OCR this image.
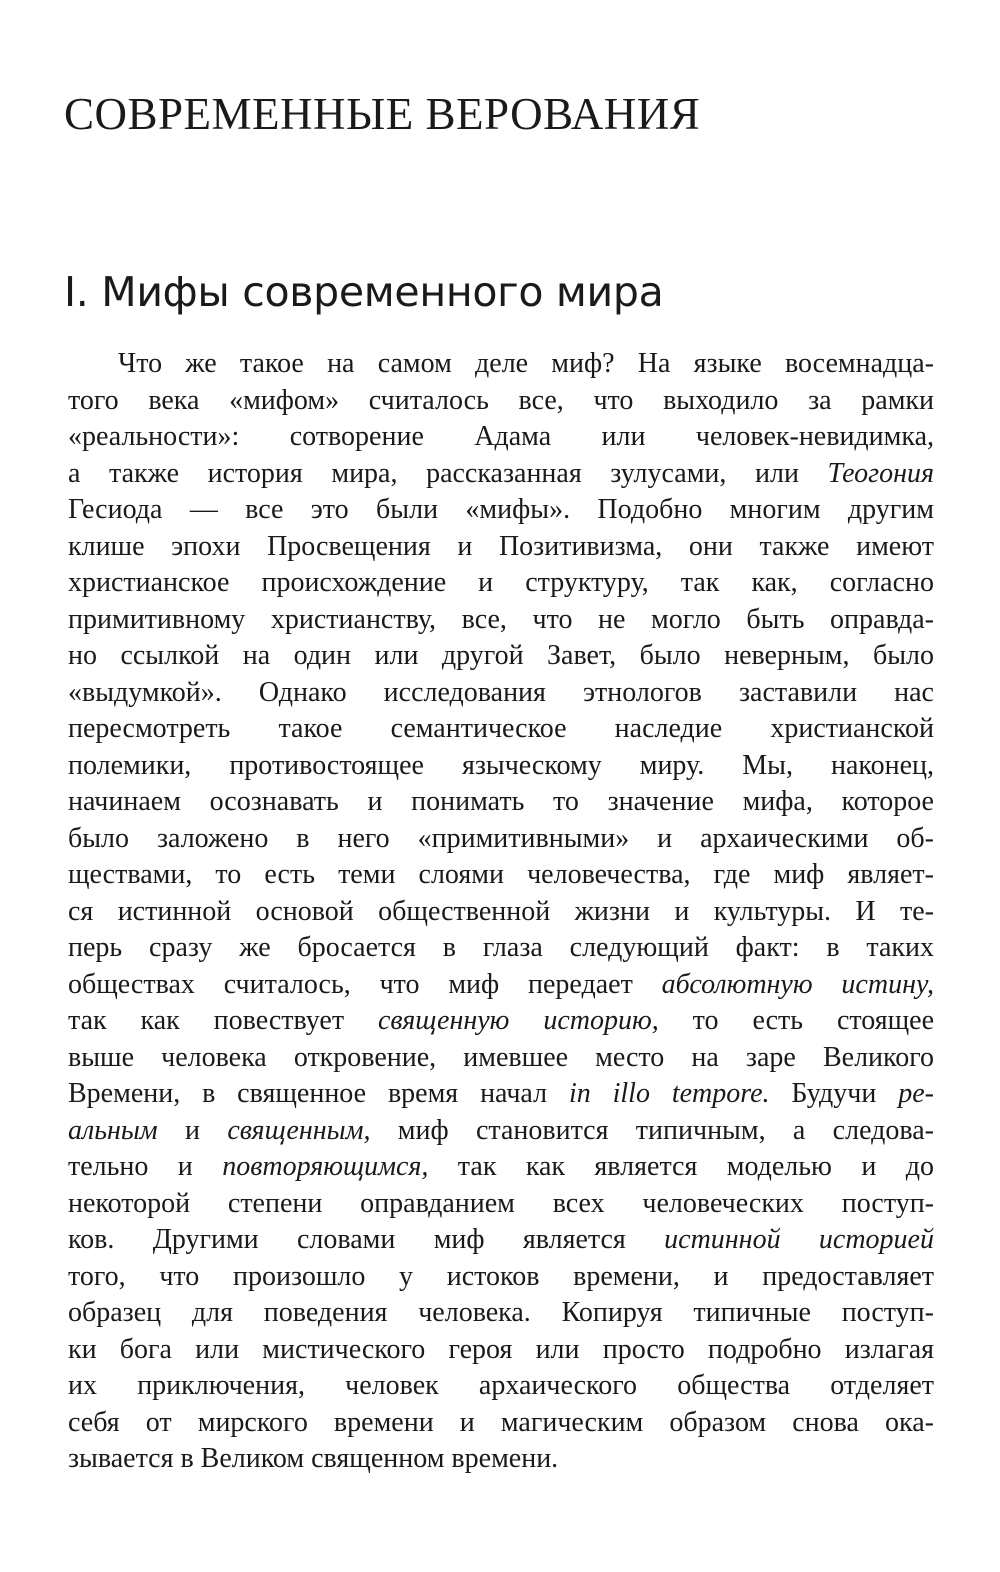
СОВРЕМЕННЫЕ ВЕРОВАНИЯ
I. Мифы современного мира
Что же такое на самом деле миф? На языке восемнадца-
того века «мифом» считалось все, что выходило за рамки
«реальности»: сотворение Адама или человек-невидимка,
а также история мира, рассказанная зулусами, или Теогония
Гесиода — все это были «мифы». Подобно многим другим
клише эпохи Просвещения и Позитивизма, они также имеют
христианское происхождение и структуру, так как, согласно
примитивному христианству, все, что не могло быть оправда-
но ссылкой на один или другой Завет, было неверным, было
«выдумкой». Однако исследования этнологов заставили нас
пересмотреть такое семантическое наследие христианской
полемики, противостоящее языческому миру. Мы, наконец,
начинаем осознавать и понимать то значение мифа, которое
было заложено в него «примитивными» и архаическими об-
ществами, то есть теми слоями человечества, где миф являет-
ся истинной основой общественной жизни и культуры. И те-
перь сразу же бросается в глаза следующий факт: в таких
обществах считалось, что миф передает абсолютную истину,
так как повествует священную историю, то есть стоящее
выше человека откровение, имевшее место на заре Великого
Времени, в священное время начал in illo tempore. Будучи ре-
альным и священным, миф становится типичным, а следова-
тельно и повторяющимся, так как является моделью и до
некоторой степени оправданием всех человеческих поступ-
ков. Другими словами миф является истинной историей
того, что произошло у истоков времени, и предоставляет
образец для поведения человека. Копируя типичные поступ-
ки бога или мистического героя или просто подробно излагая
их приключения, человек архаического общества отделяет
себя от мирского времени и магическим образом снова ока-
зывается в Великом священном времени.
